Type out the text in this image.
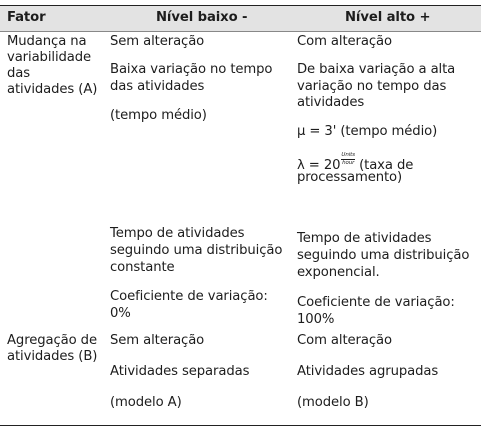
Fator	Nível baixo -	Nível alto +
Mudança na
variabilidade
das
atividades (A)
Sem alteração
Baixa variação no tempo
das atividades
(tempo médio)
Tempo de atividades
seguindo uma distribuição
constante
Coeficiente de variação:
0%
Com alteração
De baixa variação a alta
variação no tempo das
atividades
μ = 3' (tempo médio)
$\lambda = 20 \frac{\text{Units}}{\text{hour}}$ (taxa de
processamento)
Tempo de atividades
seguindo uma distribuição
exponencial.
Coeficiente de variação:
100%
Agregação de
atividades (B)
Sem alteração
Atividades separadas
(modelo A)
Com alteração
Atividades agrupadas
(modelo B)
